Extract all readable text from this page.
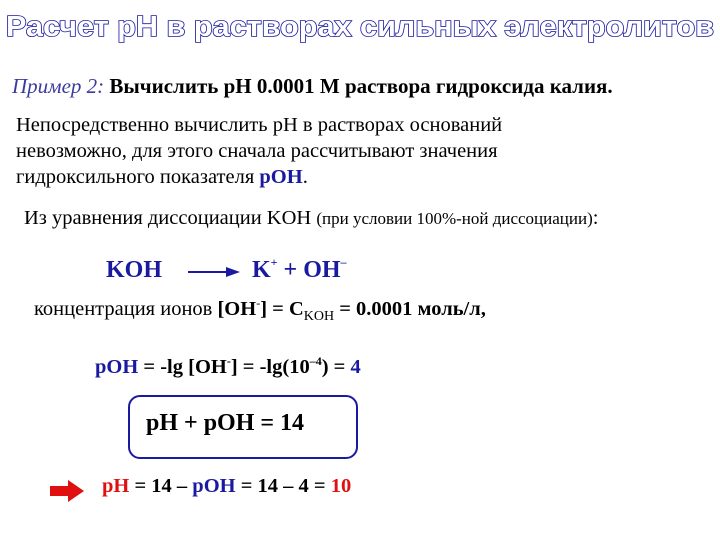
Расчет рН в растворах сильных электролитов
Пример 2: Вычислить рН 0.0001 М раствора гидроксида калия.
Непосредственно вычислить рН в растворах оснований
невозможно, для этого сначала рассчитывают значения
гидроксильного показателя рОН.
Из уравнения диссоциации KOH (при условии 100%-ной диссоциации):
KOH → K+ + OH–
концентрация ионов $[OH^-] = C_{KOH} = 0.0001$ моль/л,
рОН = -lg $[OH^-] = -\lg(10^{-4}) = 4$
рН + рОН = 14
рН = 14 – рОН = 14 – 4 = 10
